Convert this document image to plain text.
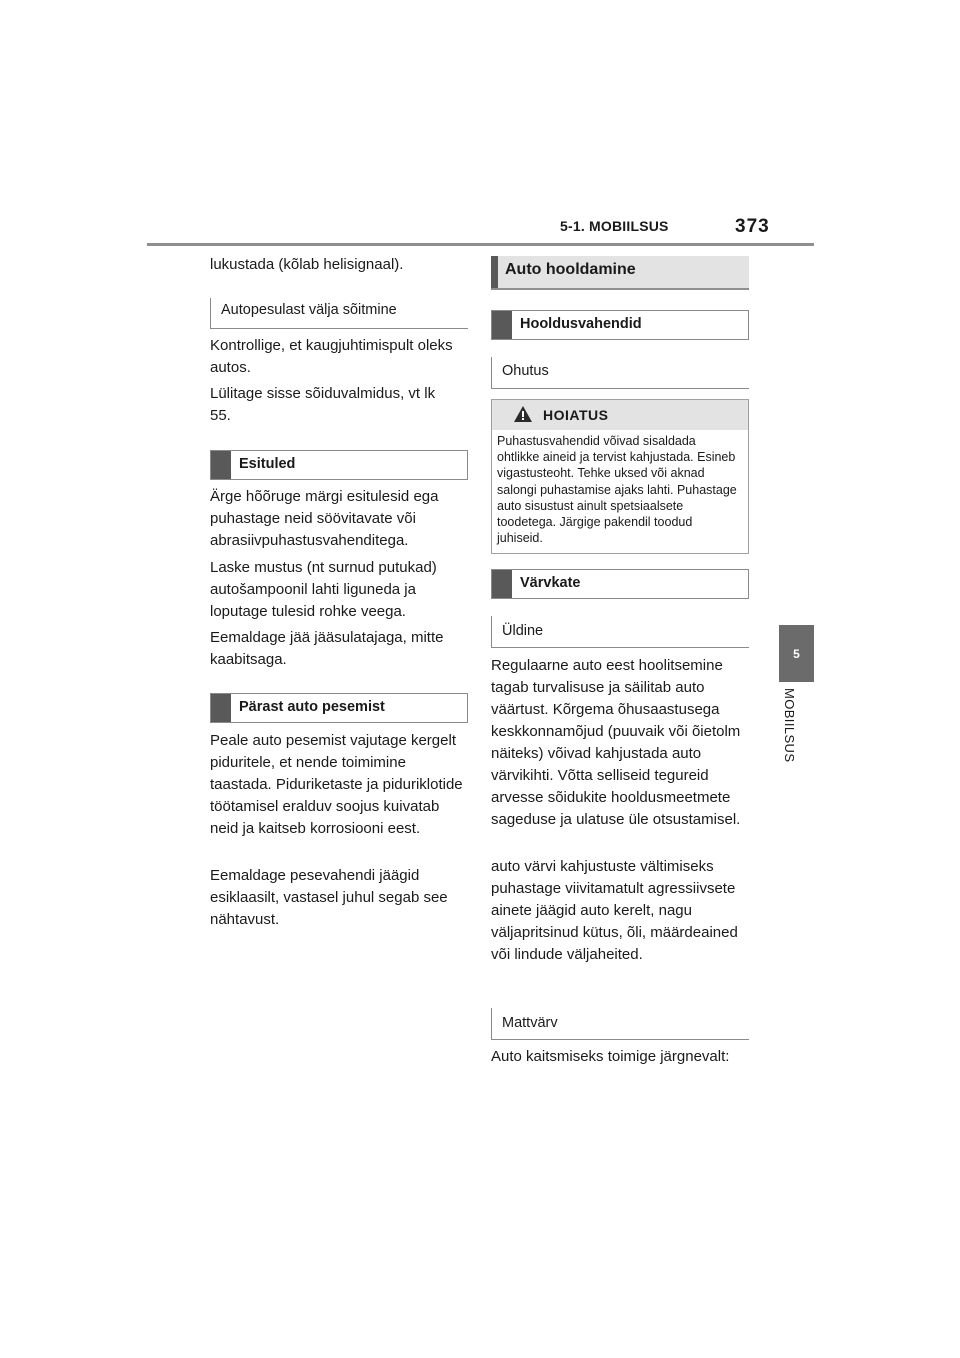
5-1. MOBIILSUS	373
5
MOBIILSUS

lukustada (kõlab helisignaal).

Autopesulast välja sõitmine

Kontrollige, et kaugjuhtimispult oleks autos.

Lülitage sisse sõiduvalmidus, vt lk 55.

Esituled

Ärge hõõruge märgi esitulesid ega puhastage neid söövitavate või abrasiivpuhastusvahenditega.

Laske mustus (nt surnud putukad) autošampoonil lahti liguneda ja loputage tulesid rohke veega.

Eemaldage jää jääsulatajaga, mitte kaabitsaga.

Pärast auto pesemist

Peale auto pesemist vajutage kergelt piduritele, et nende toimimine taastada. Piduriketaste ja piduriklotide töötamisel eralduv soojus kuivatab neid ja kaitseb korrosiooni eest.

Eemaldage pesevahendi jäägid esiklaasilt, vastasel juhul segab see nähtavust.

Auto hooldamine
Hooldusvahendid
Ohutus
HOIATUS
Puhastusvahendid võivad sisaldada ohtlikke aineid ja tervist kahjustada. Esineb vigastusteoht. Tehke uksed või aknad salongi puhastamise ajaks lahti. Puhastage auto sisustust ainult spetsiaalsete toodetega. Järgige pakendil toodud juhiseid.
Värvkate
Üldine

Regulaarne auto eest hoolitsemine tagab turvalisuse ja säilitab auto väärtust. Kõrgema õhusaastusega keskkonnamõjud (puuvaik või õietolm näiteks) võivad kahjustada auto värvikihti. Võtta selliseid tegureid arvesse sõidukite hooldusmeetmete sageduse ja ulatuse üle otsustamisel.

auto värvi kahjustuste vältimiseks puhastage viivitamatult agressiivsete ainete jäägid auto kerelt, nagu väljapritsinud kütus, õli, määrdeained või lindude väljaheited.

Mattvärv

Auto kaitsmiseks toimige järgnevalt:
